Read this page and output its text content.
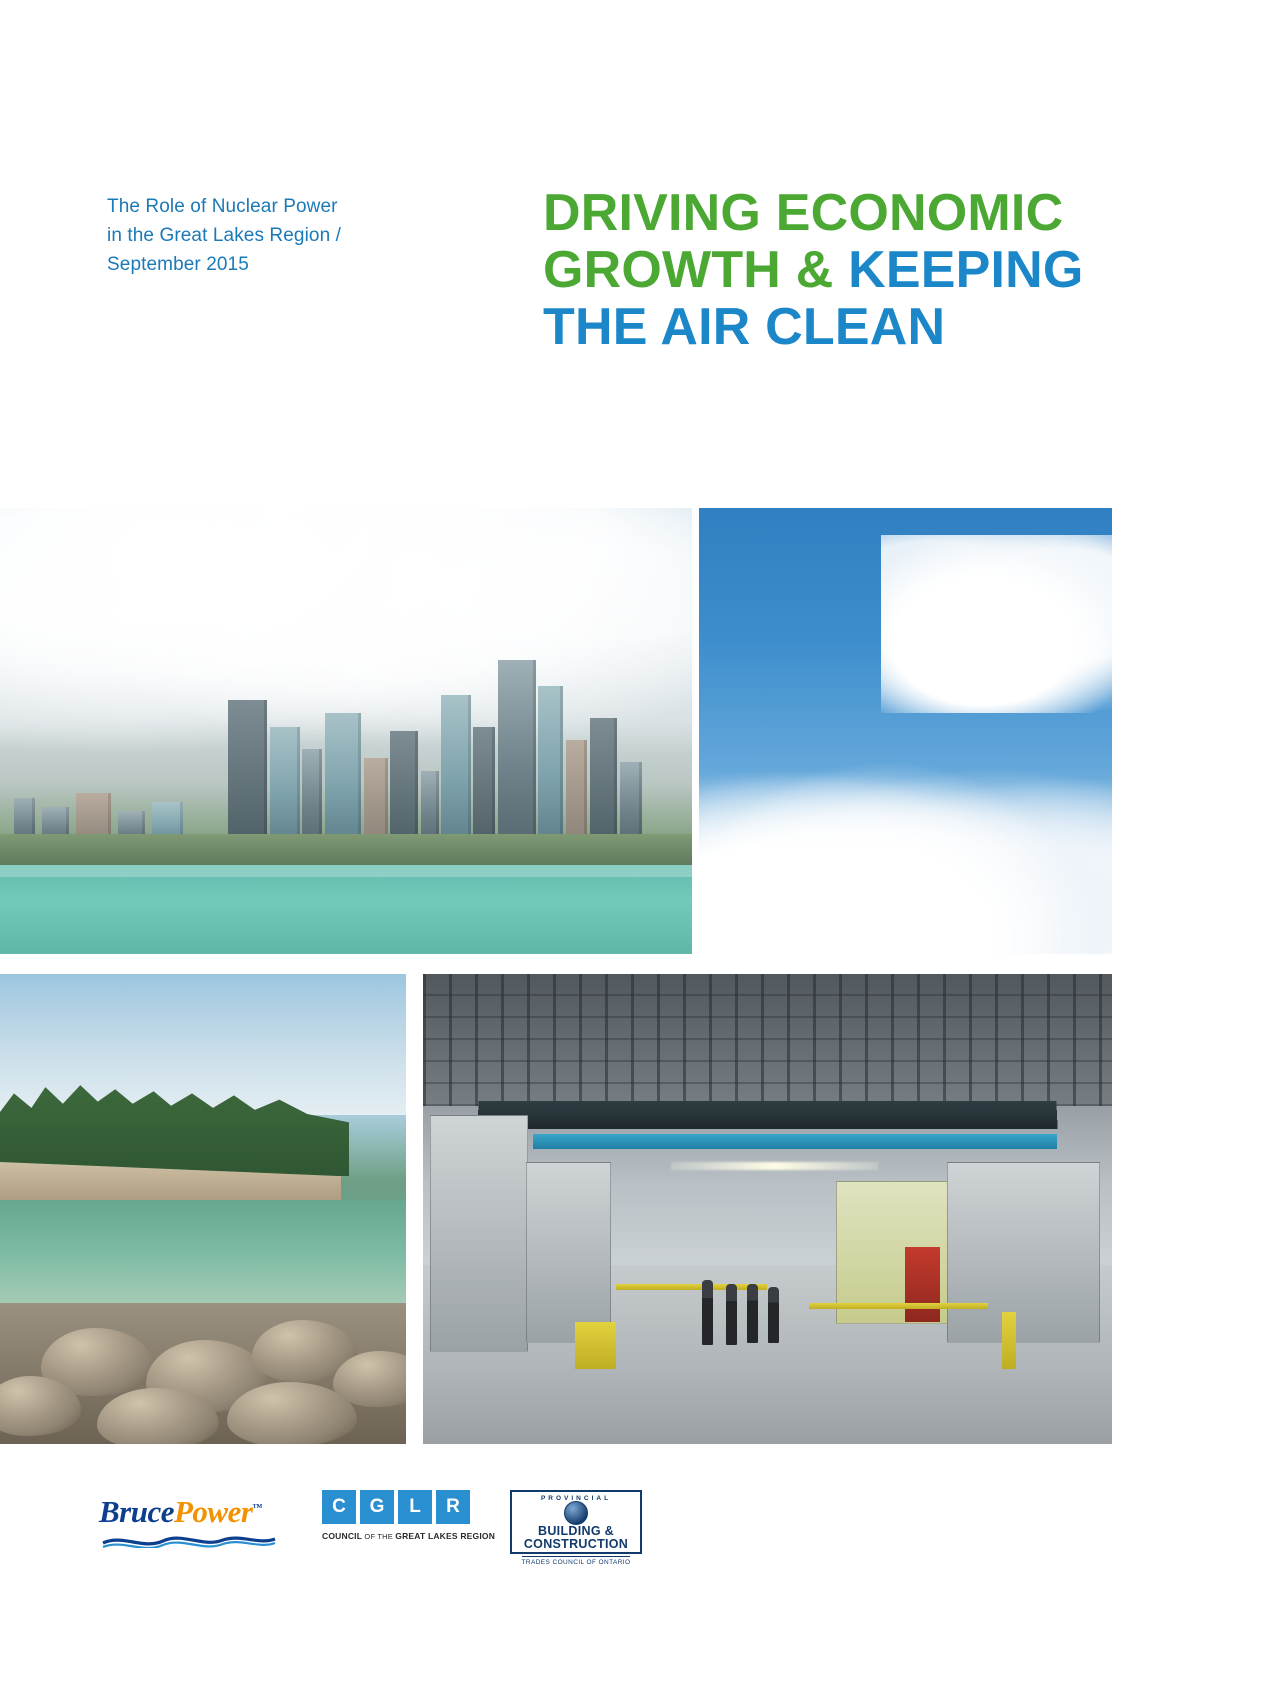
The Role of Nuclear Power
in the Great Lakes Region /
September 2015
DRIVING ECONOMIC
GROWTH & KEEPING
THE AIR CLEAN
BrucePower™	C	G	L	R
COUNCIL OF THE GREAT LAKES REGION
PROVINCIAL
BUILDING &
CONSTRUCTION
TRADES COUNCIL OF ONTARIO
